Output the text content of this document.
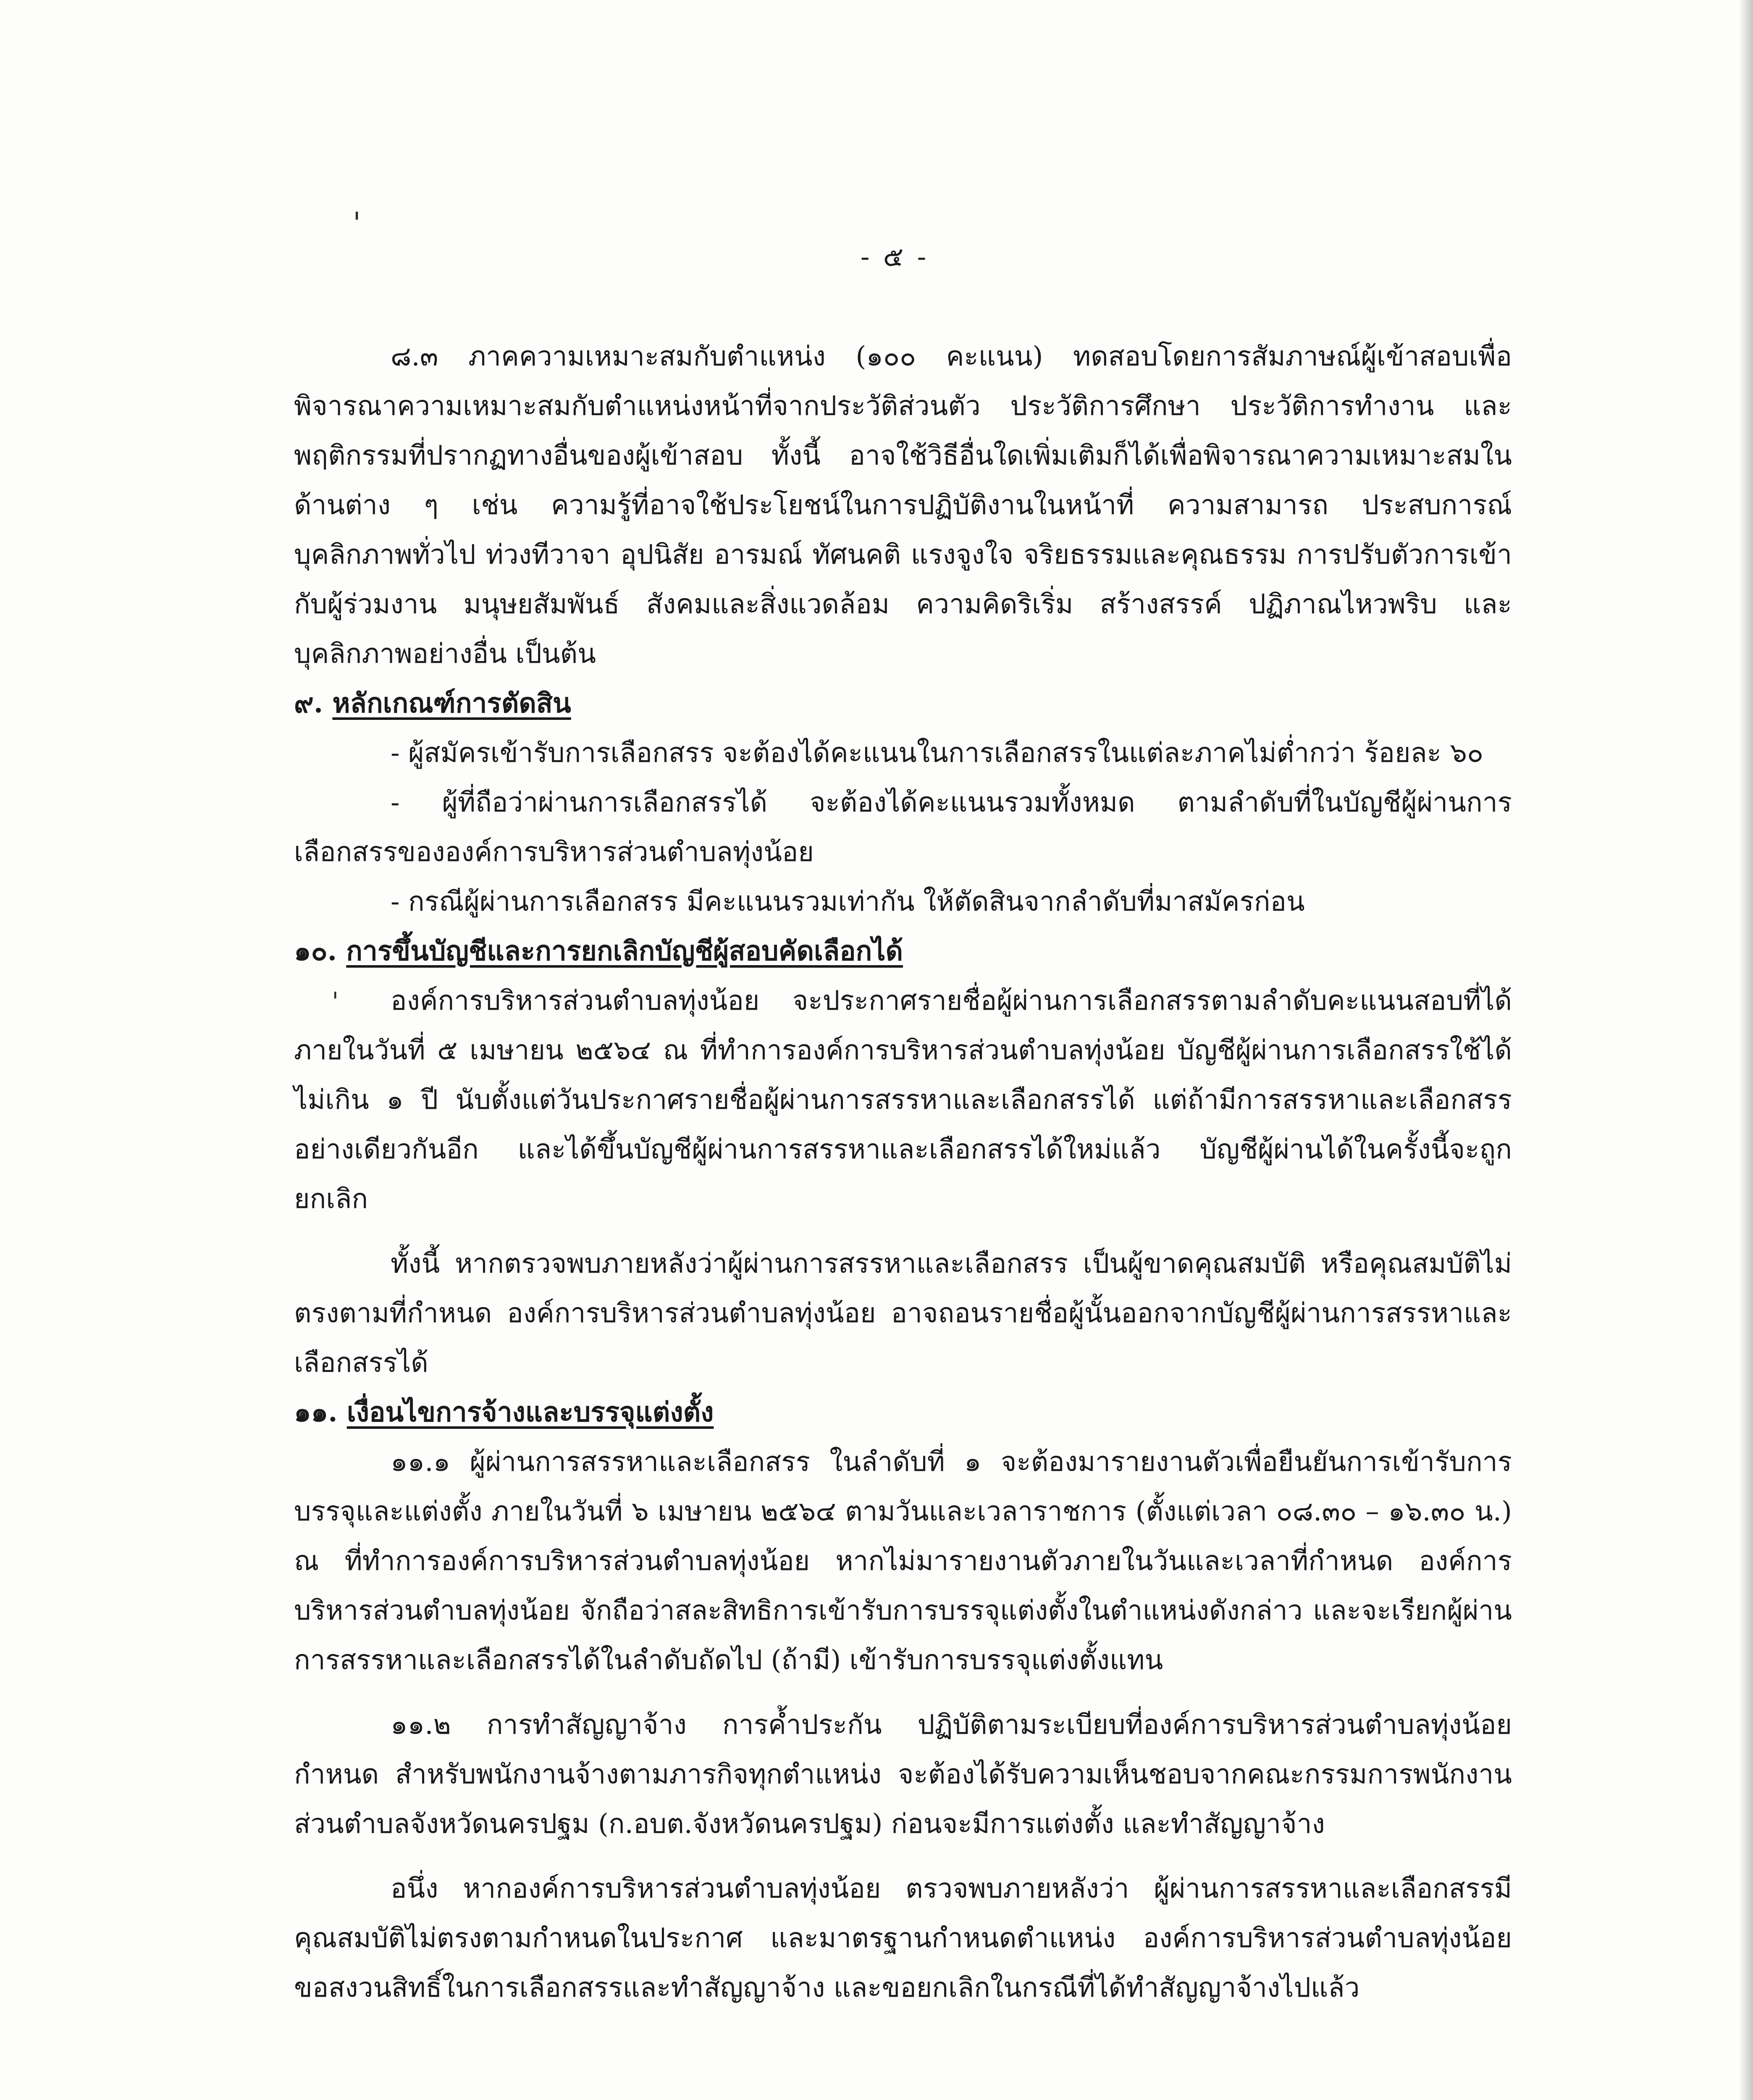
'
'
- ๕ -

๘.๓ ภาคความเหมาะสมกับตำแหน่ง (๑๐๐ คะแนน) ทดสอบโดยการสัมภาษณ์ผู้เข้าสอบเพื่อพิจารณาความเหมาะสมกับตำแหน่งหน้าที่จากประวัติส่วนตัว ประวัติการศึกษา ประวัติการทำงาน และพฤติกรรมที่ปรากฏทางอื่นของผู้เข้าสอบ ทั้งนี้ อาจใช้วิธีอื่นใดเพิ่มเติมก็ได้เพื่อพิจารณาความเหมาะสมในด้านต่าง ๆ เช่น ความรู้ที่อาจใช้ประโยชน์ในการปฏิบัติงานในหน้าที่ ความสามารถ ประสบการณ์ บุคลิกภาพทั่วไป ท่วงทีวาจา อุปนิสัย อารมณ์ ทัศนคติ แรงจูงใจ จริยธรรมและคุณธรรม การปรับตัวการเข้ากับผู้ร่วมงาน มนุษยสัมพันธ์ สังคมและสิ่งแวดล้อม ความคิดริเริ่ม สร้างสรรค์ ปฏิภาณไหวพริบ และบุคลิกภาพอย่างอื่น เป็นต้น

๙. หลักเกณฑ์การตัดสิน

- ผู้สมัครเข้ารับการเลือกสรร จะต้องได้คะแนนในการเลือกสรรในแต่ละภาคไม่ต่ำกว่า ร้อยละ ๖๐

- ผู้ที่ถือว่าผ่านการเลือกสรรได้ จะต้องได้คะแนนรวมทั้งหมด ตามลำดับที่ในบัญชีผู้ผ่านการเลือกสรรขององค์การบริหารส่วนตำบลทุ่งน้อย

- กรณีผู้ผ่านการเลือกสรร มีคะแนนรวมเท่ากัน ให้ตัดสินจากลำดับที่มาสมัครก่อน

๑๐. การขึ้นบัญชีและการยกเลิกบัญชีผู้สอบคัดเลือกได้

องค์การบริหารส่วนตำบลทุ่งน้อย จะประกาศรายชื่อผู้ผ่านการเลือกสรรตามลำดับคะแนนสอบที่ได้ ภายในวันที่ ๕ เมษายน ๒๕๖๔ ณ ที่ทำการองค์การบริหารส่วนตำบลทุ่งน้อย บัญชีผู้ผ่านการเลือกสรรใช้ได้ไม่เกิน ๑ ปี นับตั้งแต่วันประกาศรายชื่อผู้ผ่านการสรรหาและเลือกสรรได้ แต่ถ้ามีการสรรหาและเลือกสรรอย่างเดียวกันอีก และได้ขึ้นบัญชีผู้ผ่านการสรรหาและเลือกสรรได้ใหม่แล้ว บัญชีผู้ผ่านได้ในครั้งนี้จะถูกยกเลิก

ทั้งนี้ หากตรวจพบภายหลังว่าผู้ผ่านการสรรหาและเลือกสรร เป็นผู้ขาดคุณสมบัติ หรือคุณสมบัติไม่ตรงตามที่กำหนด องค์การบริหารส่วนตำบลทุ่งน้อย อาจถอนรายชื่อผู้นั้นออกจากบัญชีผู้ผ่านการสรรหาและเลือกสรรได้

๑๑. เงื่อนไขการจ้างและบรรจุแต่งตั้ง

๑๑.๑ ผู้ผ่านการสรรหาและเลือกสรร ในลำดับที่ ๑ จะต้องมารายงานตัวเพื่อยืนยันการเข้ารับการบรรจุและแต่งตั้ง ภายในวันที่ ๖ เมษายน ๒๕๖๔ ตามวันและเวลาราชการ (ตั้งแต่เวลา ๐๘.๓๐ – ๑๖.๓๐ น.) ณ ที่ทำการองค์การบริหารส่วนตำบลทุ่งน้อย หากไม่มารายงานตัวภายในวันและเวลาที่กำหนด องค์การบริหารส่วนตำบลทุ่งน้อย จักถือว่าสละสิทธิการเข้ารับการบรรจุแต่งตั้งในตำแหน่งดังกล่าว และจะเรียกผู้ผ่านการสรรหาและเลือกสรรได้ในลำดับถัดไป (ถ้ามี) เข้ารับการบรรจุแต่งตั้งแทน

๑๑.๒ การทำสัญญาจ้าง การค้ำประกัน ปฏิบัติตามระเบียบที่องค์การบริหารส่วนตำบลทุ่งน้อยกำหนด สำหรับพนักงานจ้างตามภารกิจทุกตำแหน่ง จะต้องได้รับความเห็นชอบจากคณะกรรมการพนักงานส่วนตำบลจังหวัดนครปฐม (ก.อบต.จังหวัดนครปฐม) ก่อนจะมีการแต่งตั้ง และทำสัญญาจ้าง

อนึ่ง หากองค์การบริหารส่วนตำบลทุ่งน้อย ตรวจพบภายหลังว่า ผู้ผ่านการสรรหาและเลือกสรรมีคุณสมบัติไม่ตรงตามกำหนดในประกาศ และมาตรฐานกำหนดตำแหน่ง องค์การบริหารส่วนตำบลทุ่งน้อย ขอสงวนสิทธิ์ในการเลือกสรรและทำสัญญาจ้าง และขอยกเลิกในกรณีที่ได้ทำสัญญาจ้างไปแล้ว
